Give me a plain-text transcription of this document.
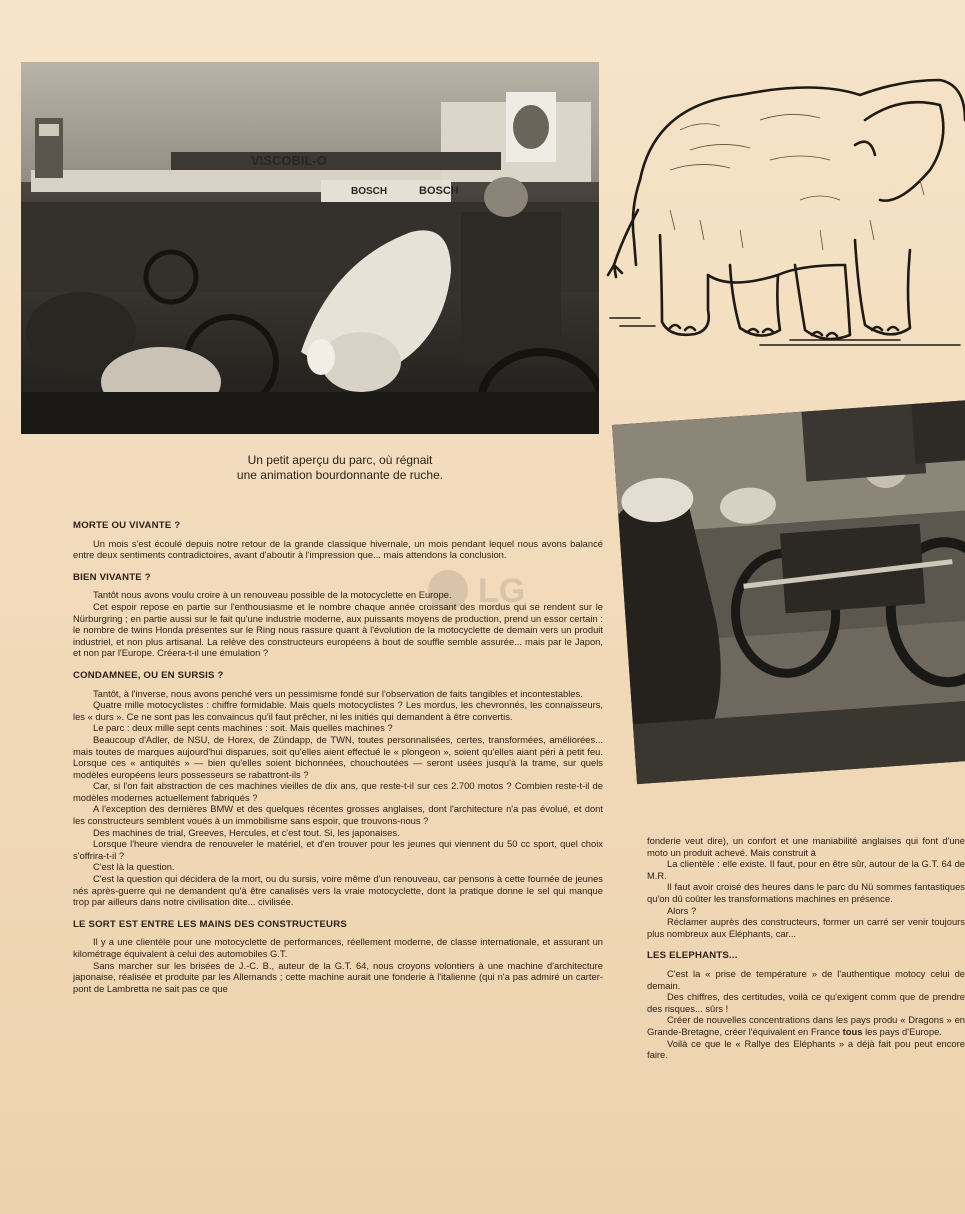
VISCOBIL-O
BOSCH	BOSCH
Un petit aperçu du parc, où régnait
une animation bourdonnante de ruche.
LG
MORTE OU VIVANTE ?

Un mois s'est écoulé depuis notre retour de la grande classique hivernale, un mois pendant lequel nous avons balancé entre deux sentiments contradictoires, avant d'aboutir à l'impression que... mais attendons la conclusion.

BIEN VIVANTE ?

Tantôt nous avons voulu croire à un renouveau possible de la motocyclette en Europe.

Cet espoir repose en partie sur l'enthousiasme et le nombre chaque année croissant des mordus qui se rendent sur le Nürburgring ; en partie aussi sur le fait qu'une industrie moderne, aux puissants moyens de production, prend un essor certain : le nombre de twins Honda présentes sur le Ring nous rassure quant à l'évolution de la motocyclette de demain vers un produit industriel, et non plus artisanal. La relève des constructeurs européens à bout de souffle semble assurée... mais par le Japon, et non par l'Europe. Créera-t-il une émulation ?

CONDAMNEE, OU EN SURSIS ?

Tantôt, à l'inverse, nous avons penché vers un pessimisme fondé sur l'observation de faits tangibles et incontestables.

Quatre mille motocyclistes : chiffre formidable. Mais quels motocyclistes ? Les mordus, les chevronnés, les connaisseurs, les « durs ». Ce ne sont pas les convaincus qu'il faut prêcher, ni les initiés qui demandent à être convertis.

Le parc : deux mille sept cents machines : soit. Mais quelles machines ?

Beaucoup d'Adler, de NSU, de Horex, de Zündapp, de TWN, toutes personnalisées, certes, transformées, améliorées... mais toutes de marques aujourd'hui disparues, soit qu'elles aient effectué le « plongeon », soient qu'elles aiant péri à petit feu. Lorsque ces « antiquités » — bien qu'elles soient bichonnées, chouchoutées — seront usées jusqu'à la trame, sur quels modèles européens leurs possesseurs se rabattront-ils ?

Car, si l'on fait abstraction de ces machines vieilles de dix ans, que reste-t-il sur ces 2.700 motos ? Combien reste-t-il de modèles modernes actuellement fabriqués ?

A l'exception des dernières BMW et des quelques récentes grosses anglaises, dont l'architecture n'a pas évolué, et dont les constructeurs semblent voués à un immobilisme sans espoir, que trouvons-nous ?

Des machines de trial, Greeves, Hercules, et c'est tout. Si, les japonaises.

Lorsque l'heure viendra de renouveler le matériel, et d'en trouver pour les jeunes qui viennent du 50 cc sport, quel choix s'offrira-t-il ?

C'est là la question.

C'est la question qui décidera de la mort, ou du sursis, voire même d'un renouveau, car pensons à cette fournée de jeunes nés après-guerre qui ne demandent qu'à être canalisés vers la vraie motocyclette, dont la pratique donne le sel qui manque trop par ailleurs dans notre civilisation dite... civilisée.

LE SORT EST ENTRE LES MAINS DES CONSTRUCTEURS

Il y a une clientèle pour une motocyclette de performances, réellement moderne, de classe internationale, et assurant un kilométrage équivalent à celui des automobiles G.T.

Sans marcher sur les brisées de J.-C. B., auteur de la G.T. 64, nous croyons volontiers à une machine d'architecture japonaise, réalisée et produite par les Allemands ; cette machine aurait une fonderie à l'italienne (qui n'a pas admiré un carter-pont de Lambretta ne sait pas ce que

fonderie veut dire), un confort et une maniabilité anglaises qui font d'une moto un produit achevé. Mais construit à

La clientèle : elle existe. Il faut, pour en être sûr, autour de la G.T. 64 de M.R.

Il faut avoir croisé des heures dans le parc du Nü sommes fantastiques qu'on dû coûter les transformations machines en présence.

Alors ?

Réclamer auprès des constructeurs, former un carré ser venir toujours plus nombreux aux Eléphants, car...

LES ELEPHANTS...

C'est la « prise de température » de l'authentique motocy celui de demain.

Des chiffres, des certitudes, voilà ce qu'exigent comm que de prendre des risques... sûrs !

Créer de nouvelles concentrations dans les pays produ « Dragons » en Grande-Bretagne, créer l'équivalent en France tous les pays d'Europe.

Voilà ce que le « Rallye des Eléphants » a déjà fait pou peut encore faire.
